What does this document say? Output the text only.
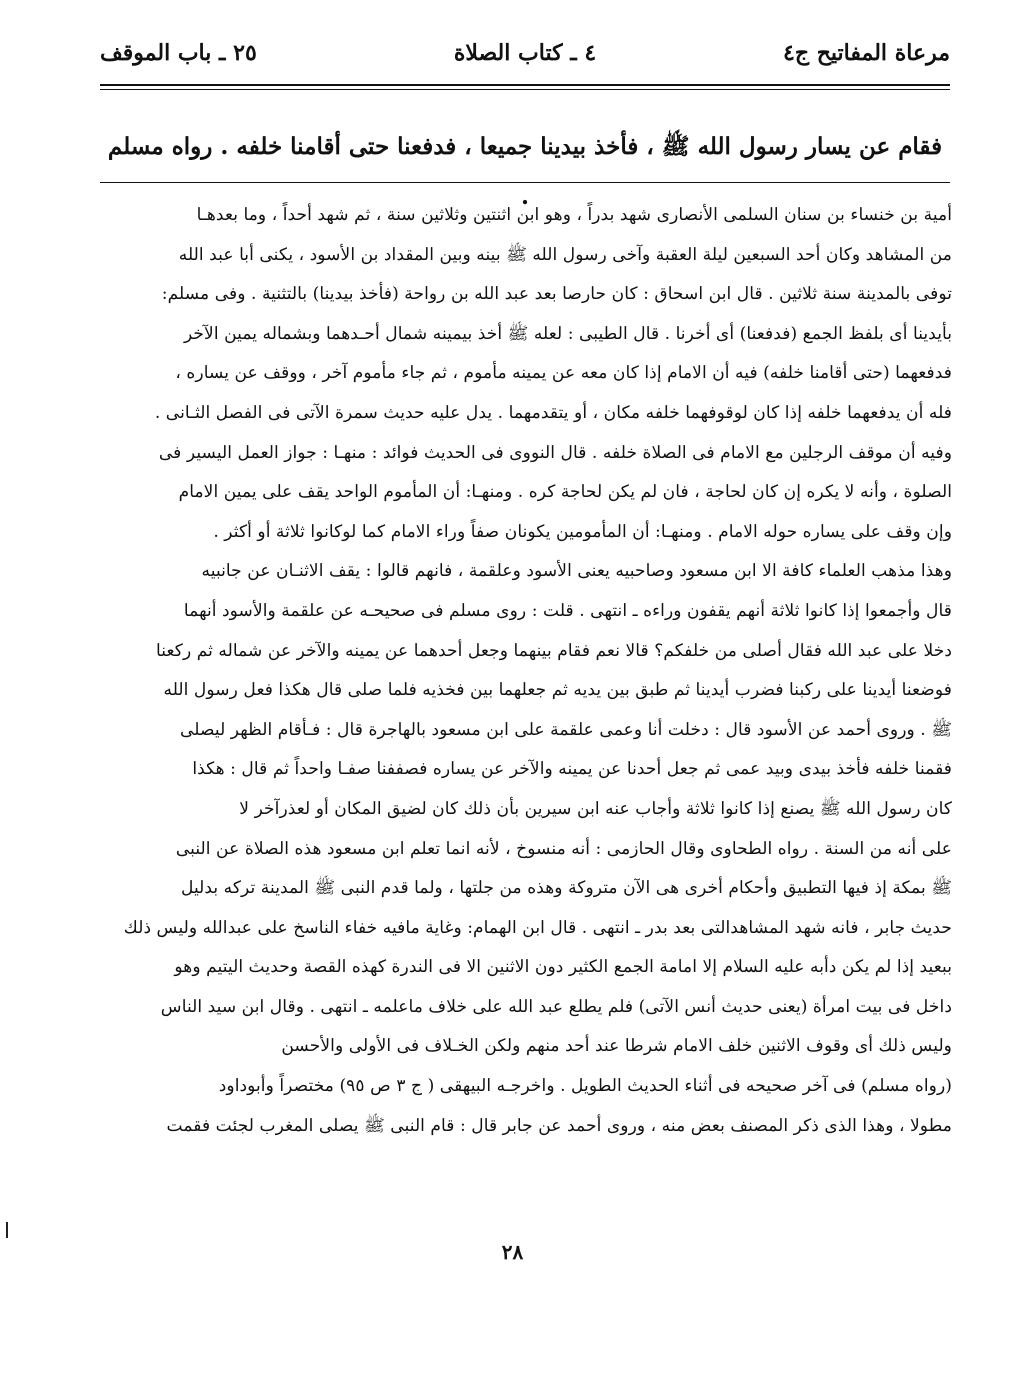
مرعاة المفاتيح ج٤
٤ ـ كتاب الصلاة
٢٥ ـ باب الموقف
فقام عن يسار رسول الله ﷺ ، فأخذ بيدينا جميعا ، فدفعنا حتى أقامنا خلفه . رواه مسلم .
أمية بن خنساء بن سنان السلمى الأنصارى شهد بدراً ، وهو ابن اثنتين وثلاثين سنة ، ثم شهد أحداً ، وما بعدهـا
من المشاهد وكان أحد السبعين ليلة العقبة وآخى رسول الله ﷺ بينه وبين المقداد بن الأسود ، يكنى أبا عبد الله
توفى بالمدينة سنة ثلاثين . قال ابن اسحاق : كان حارصا بعد عبد الله بن رواحة (فأخذ بيدينا) بالتثنية . وفى مسلم:
بأيدينا أى بلفظ الجمع (فدفعنا) أى أخرنا . قال الطيبى : لعله ﷺ أخذ بيمينه شمال أحـدهما وبشماله يمين الآخر
فدفعهما (حتى أقامنا خلفه) فيه أن الامام إذا كان معه عن يمينه مأموم ، ثم جاء مأموم آخر ، ووقف عن يساره ،
فله أن يدفعهما خلفه إذا كان لوقوفهما خلفه مكان ، أو يتقدمهما . يدل عليه حديث سمرة الآتى فى الفصل الثـانى .
وفيه أن موقف الرجلين مع الامام فى الصلاة خلفه . قال النووى فى الحديث فوائد : منهـا : جواز العمل اليسير فى
الصلوة ، وأنه لا يكره إن كان لحاجة ، فان لم يكن لحاجة كره . ومنهـا: أن المأموم الواحد يقف على يمين الامام
وإن وقف على يساره حوله الامام . ومنهـا: أن المأمومين يكونان صفاً وراء الامام كما لوكانوا ثلاثة أو أكثر .
وهذا مذهب العلماء كافة الا ابن مسعود وصاحبيه يعنى الأسود وعلقمة ، فانهم قالوا : يقف الاثنـان عن جانبيه
قال وأجمعوا إذا كانوا ثلاثة أنهم يقفون وراءه ـ انتهى . قلت : روى مسلم فى صحيحـه عن علقمة والأسود أنهما
دخلا على عبد الله فقال أصلى من خلفكم؟ قالا نعم فقام بينهما وجعل أحدهما عن يمينه والآخر عن شماله ثم ركعنا
فوضعنا أيدينا على ركبنا فضرب أيدينا ثم طبق بين يديه ثم جعلهما بين فخذيه فلما صلى قال هكذا فعل رسول الله
ﷺ . وروى أحمد عن الأسود قال : دخلت أنا وعمى علقمة على ابن مسعود بالهاجرة قال : فـأقام الظهر ليصلى
فقمنا خلفه فأخذ بيدى وبيد عمى ثم جعل أحدنا عن يمينه والآخر عن يساره فصففنا صفـا واحداً ثم قال : هكذا
كان رسول الله ﷺ يصنع إذا كانوا ثلاثة وأجاب عنه ابن سيرين بأن ذلك كان لضيق المكان أو لعذرآخر لا
على أنه من السنة . رواه الطحاوى وقال الحازمى : أنه منسوخ ، لأنه انما تعلم ابن مسعود هذه الصلاة عن النبى
ﷺ بمكة إذ فيها التطبيق وأحكام أخرى هى الآن متروكة وهذه من جلتها ، ولما قدم النبى ﷺ المدينة تركه بدليل
حديث جابر ، فانه شهد المشاهدالتى بعد بدر ـ انتهى . قال ابن الهمام: وغاية مافيه خفاء الناسخ على عبدالله وليس ذلك
ببعيد إذا لم يكن دأبه عليه السلام إلا امامة الجمع الكثير دون الاثنين الا فى الندرة كهذه القصة وحديث اليتيم وهو
داخل فى بيت امرأة (يعنى حديث أنس الآتى) فلم يطلع عبد الله على خلاف ماعلمه ـ انتهى . وقال ابن سيد الناس
وليس ذلك أى وقوف الاثنين خلف الامام شرطا عند أحد منهم ولكن الخـلاف فى الأولى والأحسن
(رواه مسلم) فى آخر صحيحه فى أثناء الحديث الطويل . واخرجـه البيهقى ( ج ٣ ص ٩٥) مختصراً وأبوداود
مطولا ، وهذا الذى ذكر المصنف بعض منه ، وروى أحمد عن جابر قال : قام النبى ﷺ يصلى المغرب لجئت فقمت
٢٨
